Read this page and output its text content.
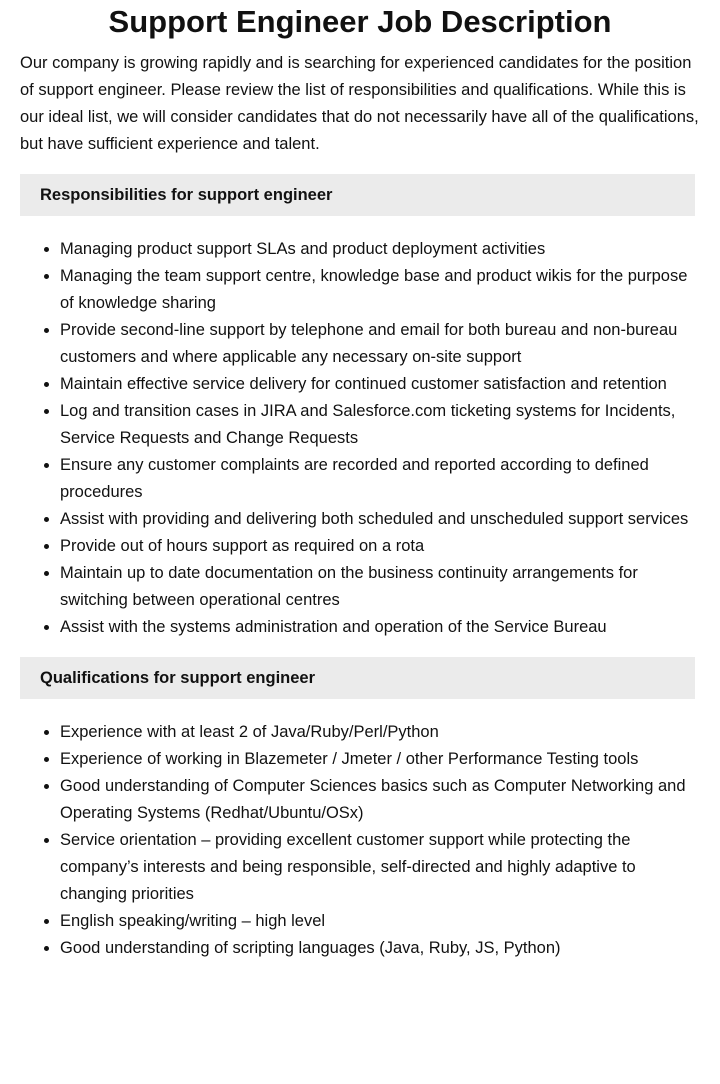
Support Engineer Job Description

Our company is growing rapidly and is searching for experienced candidates for the position of support engineer. Please review the list of responsibilities and qualifications. While this is our ideal list, we will consider candidates that do not necessarily have all of the qualifications, but have sufficient experience and talent.

Responsibilities for support engineer
• Managing product support SLAs and product deployment activities
• Managing the team support centre, knowledge base and product wikis for the purpose of knowledge sharing
• Provide second-line support by telephone and email for both bureau and non-bureau customers and where applicable any necessary on-site support
• Maintain effective service delivery for continued customer satisfaction and retention
• Log and transition cases in JIRA and Salesforce.com ticketing systems for Incidents, Service Requests and Change Requests
• Ensure any customer complaints are recorded and reported according to defined procedures
• Assist with providing and delivering both scheduled and unscheduled support services
• Provide out of hours support as required on a rota
• Maintain up to date documentation on the business continuity arrangements for switching between operational centres
• Assist with the systems administration and operation of the Service Bureau
Qualifications for support engineer
• Experience with at least 2 of Java/Ruby/Perl/Python
• Experience of working in Blazemeter / Jmeter / other Performance Testing tools
• Good understanding of Computer Sciences basics such as Computer Networking and Operating Systems (Redhat/Ubuntu/OSx)
• Service orientation – providing excellent customer support while protecting the company’s interests and being responsible, self-directed and highly adaptive to changing priorities
• English speaking/writing – high level
• Good understanding of scripting languages (Java, Ruby, JS, Python)
